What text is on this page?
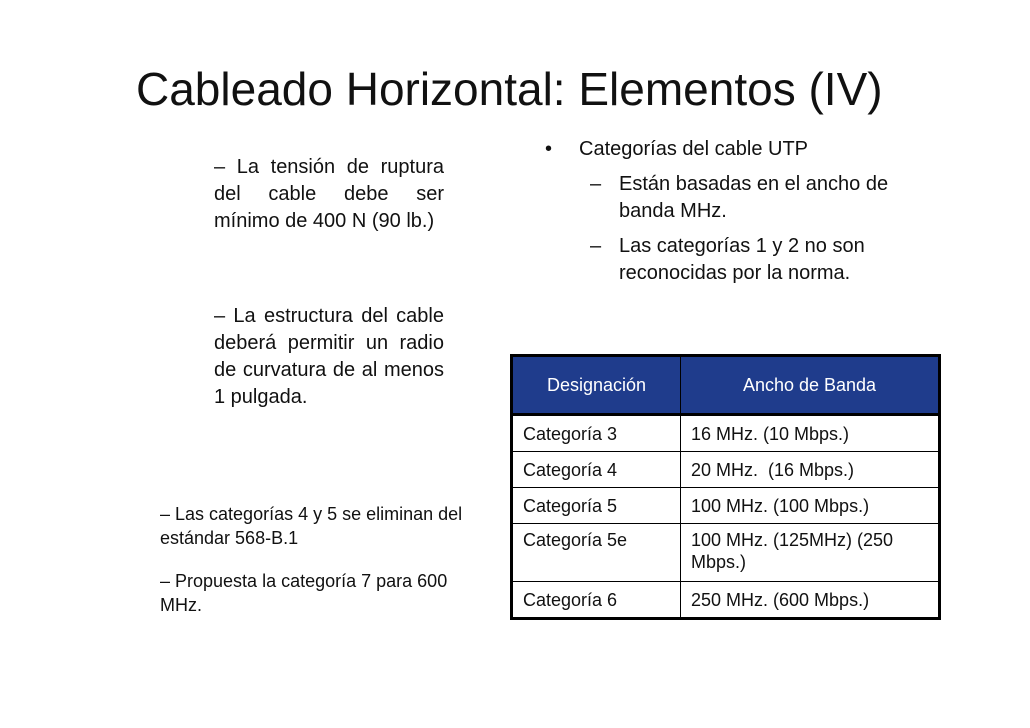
Cableado Horizontal: Elementos (IV)

– La tensión de ruptura del cable debe ser mínimo de 400 N (90 lb.)

– La estructura del cable deberá permitir un radio de curvatura de al menos 1 pulgada.

– Las categorías 4 y 5 se eliminan del estándar 568-B.1

– Propuesta la categoría 7 para 600 MHz.

• Categorías del cable UTP
– Están basadas en el ancho de banda MHz.
– Las categorías 1 y 2 no son reconocidas por la norma.
Designación	Ancho de Banda
Categoría 3	16 MHz. (10 Mbps.)
Categoría 4	20 MHz.  (16 Mbps.)
Categoría 5	100 MHz. (100 Mbps.)
Categoría 5e	100 MHz. (125MHz) (250 Mbps.)
Categoría 6	250 MHz. (600 Mbps.)
